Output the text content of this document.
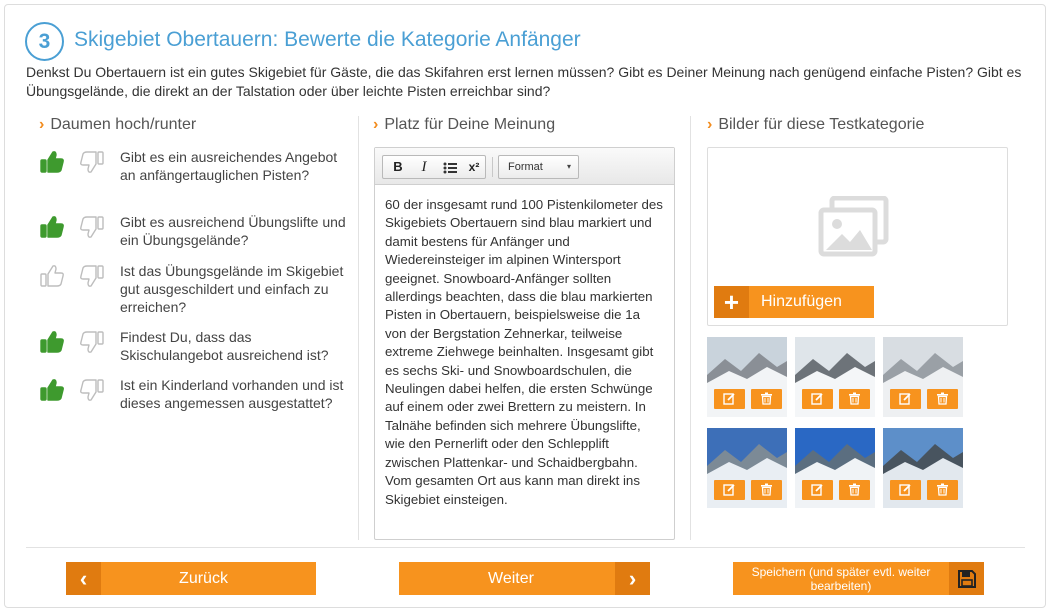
3	Skigebiet Obertauern: Bewerte die Kategorie Anfänger
Denkst Du Obertauern ist ein gutes Skigebiet für Gäste, die das Skifahren erst lernen müssen? Gibt es Deiner Meinung nach genügend einfache Pisten? Gibt es Übungsgelände, die direkt an der Talstation oder über leichte Pisten erreichbar sind?
› Daumen hoch/runter	› Platz für Deine Meinung	› Bilder für diese Testkategorie
Gibt es ein ausreichendes Angebot an anfängertauglichen Pisten?
Gibt es ausreichend Übungslifte und ein Übungsgelände?
Ist das Übungsgelände im Skigebiet gut ausgeschildert und einfach zu erreichen?
Findest Du, dass das Skischulangebot ausreichend ist?
Ist ein Kinderland vorhanden und ist dieses angemessen ausgestattet?
B	I	x²	Format	▾
60 der insgesamt rund 100 Pistenkilometer des Skigebiets Obertauern sind blau markiert und damit bestens für Anfänger und Wiedereinsteiger im alpinen Wintersport geeignet. Snowboard-Anfänger sollten allerdings beachten, dass die blau markierten Pisten in Obertauern, beispielsweise die 1a von der Bergstation Zehnerkar, teilweise extreme Ziehwege beinhalten. Insgesamt gibt es sechs Ski- und Snowboardschulen, die Neulingen dabei helfen, die ersten Schwünge auf einem oder zwei Brettern zu meistern. In Talnähe befinden sich mehrere Übungslifte, wie den Pernerlift oder den Schlepplift zwischen Plattenkar- und Schaidbergbahn. Vom gesamten Ort aus kann man direkt ins Skigebiet einsteigen.
+	Hinzufügen
‹	Zurück	Weiter	›	Speichern (und später evtl. weiter bearbeiten)
